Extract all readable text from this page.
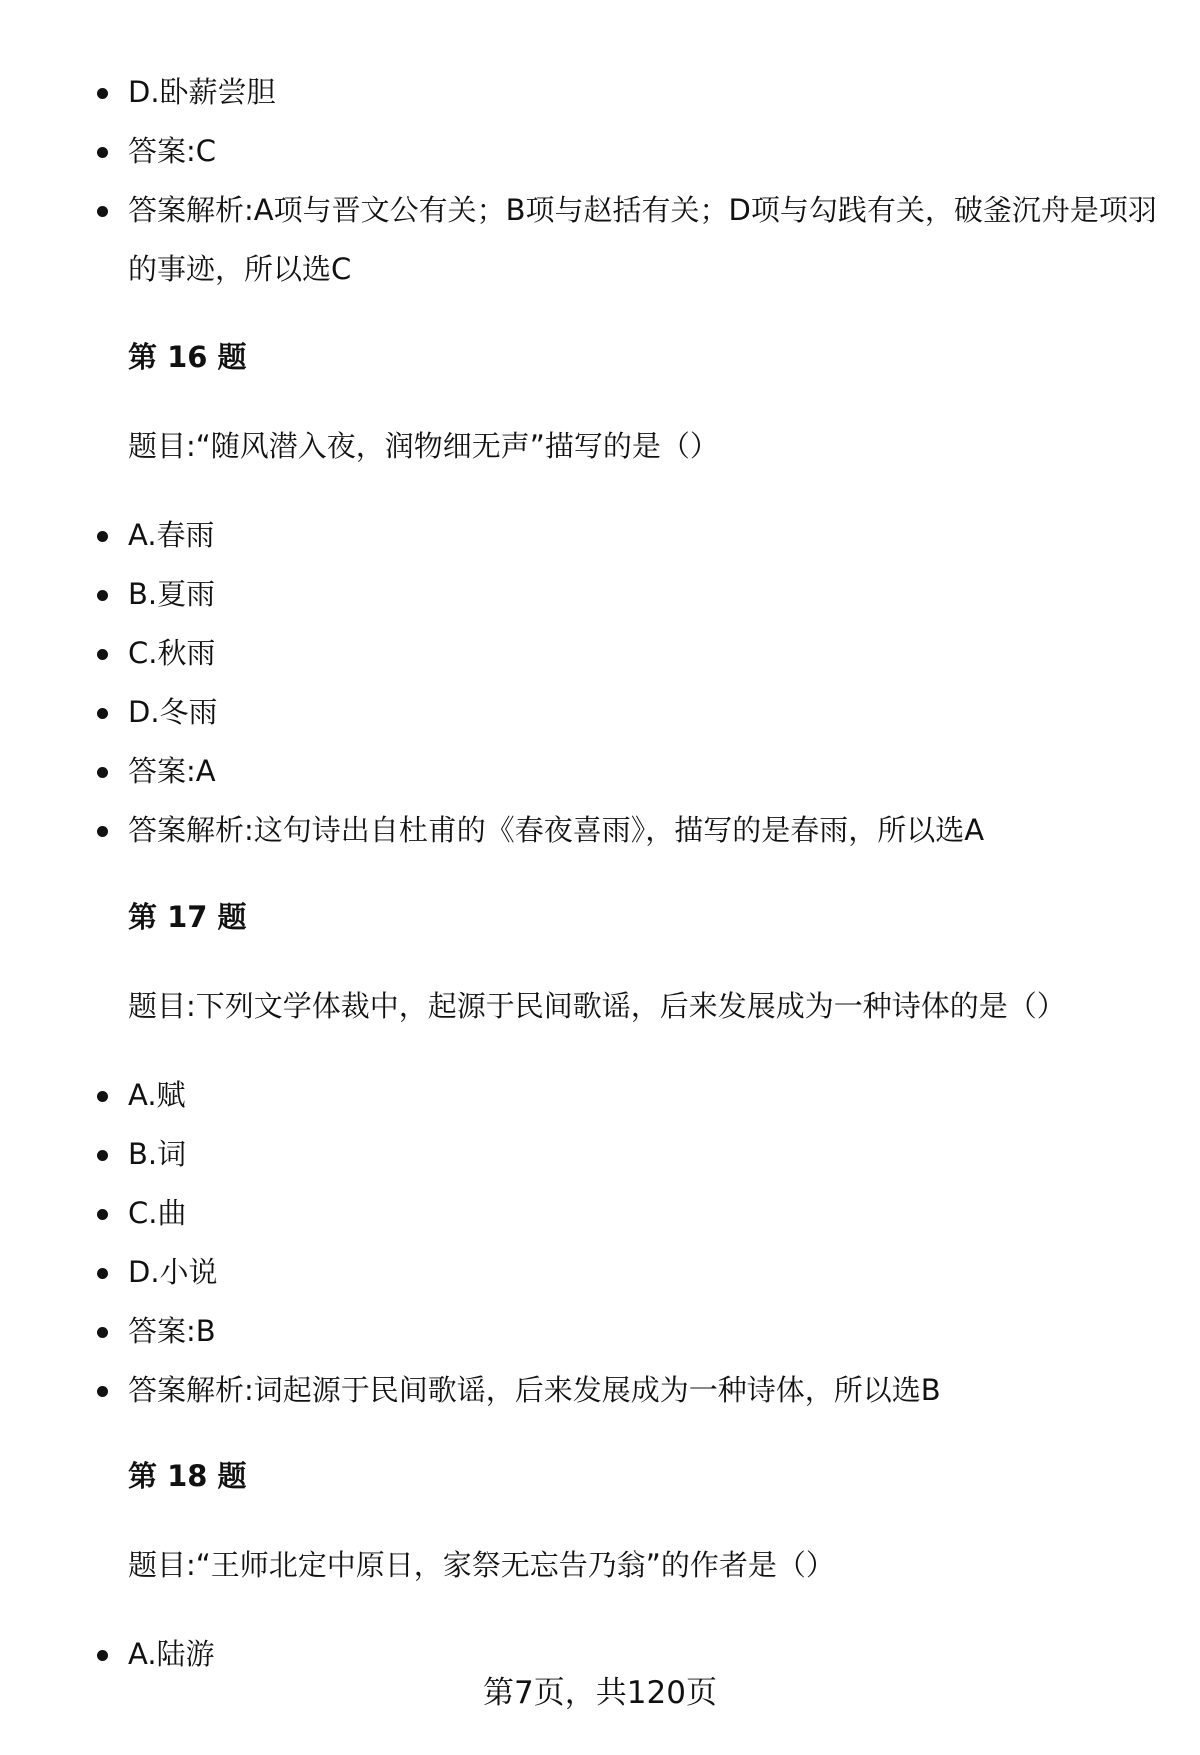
D.卧薪尝胆
答案:C
答案解析:A项与晋文公有关；B项与赵括有关；D项与勾践有关，破釜沉舟是项羽的事迹，所以选C
第 16 题

题目:“随风潜入夜，润物细无声”描写的是（）

A.春雨
B.夏雨
C.秋雨
D.冬雨
答案:A
答案解析:这句诗出自杜甫的《春夜喜雨》，描写的是春雨，所以选A
第 17 题

题目:下列文学体裁中，起源于民间歌谣，后来发展成为一种诗体的是（）

A.赋
B.词
C.曲
D.小说
答案:B
答案解析:词起源于民间歌谣，后来发展成为一种诗体，所以选B
第 18 题

题目:“王师北定中原日，家祭无忘告乃翁”的作者是（）

A.陆游
第7页，共120页
